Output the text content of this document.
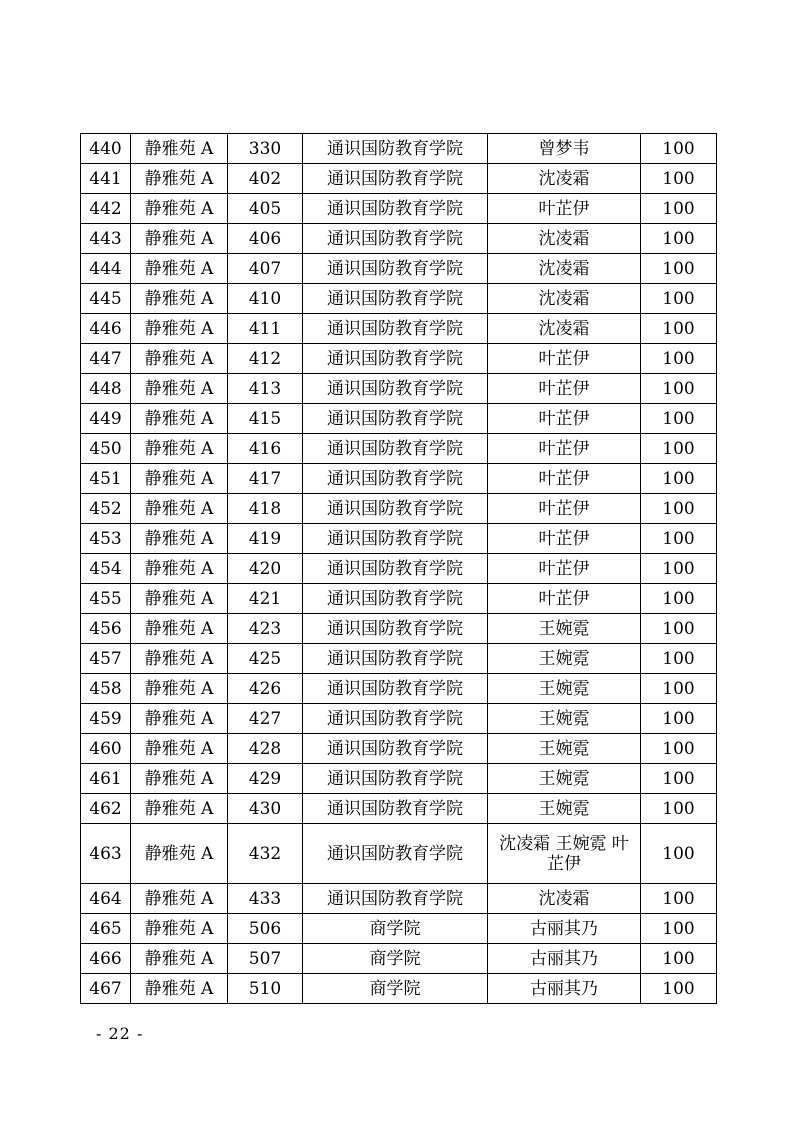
440	静雅苑 A	330	通识国防教育学院	曾梦韦	100
441	静雅苑 A	402	通识国防教育学院	沈凌霜	100
442	静雅苑 A	405	通识国防教育学院	叶芷伊	100
443	静雅苑 A	406	通识国防教育学院	沈凌霜	100
444	静雅苑 A	407	通识国防教育学院	沈凌霜	100
445	静雅苑 A	410	通识国防教育学院	沈凌霜	100
446	静雅苑 A	411	通识国防教育学院	沈凌霜	100
447	静雅苑 A	412	通识国防教育学院	叶芷伊	100
448	静雅苑 A	413	通识国防教育学院	叶芷伊	100
449	静雅苑 A	415	通识国防教育学院	叶芷伊	100
450	静雅苑 A	416	通识国防教育学院	叶芷伊	100
451	静雅苑 A	417	通识国防教育学院	叶芷伊	100
452	静雅苑 A	418	通识国防教育学院	叶芷伊	100
453	静雅苑 A	419	通识国防教育学院	叶芷伊	100
454	静雅苑 A	420	通识国防教育学院	叶芷伊	100
455	静雅苑 A	421	通识国防教育学院	叶芷伊	100
456	静雅苑 A	423	通识国防教育学院	王婉霓	100
457	静雅苑 A	425	通识国防教育学院	王婉霓	100
458	静雅苑 A	426	通识国防教育学院	王婉霓	100
459	静雅苑 A	427	通识国防教育学院	王婉霓	100
460	静雅苑 A	428	通识国防教育学院	王婉霓	100
461	静雅苑 A	429	通识国防教育学院	王婉霓	100
462	静雅苑 A	430	通识国防教育学院	王婉霓	100
463	静雅苑 A	432	通识国防教育学院	沈凌霜 王婉霓 叶芷伊	100
464	静雅苑 A	433	通识国防教育学院	沈凌霜	100
465	静雅苑 A	506	商学院	古丽其乃	100
466	静雅苑 A	507	商学院	古丽其乃	100
467	静雅苑 A	510	商学院	古丽其乃	100
- 22 -
